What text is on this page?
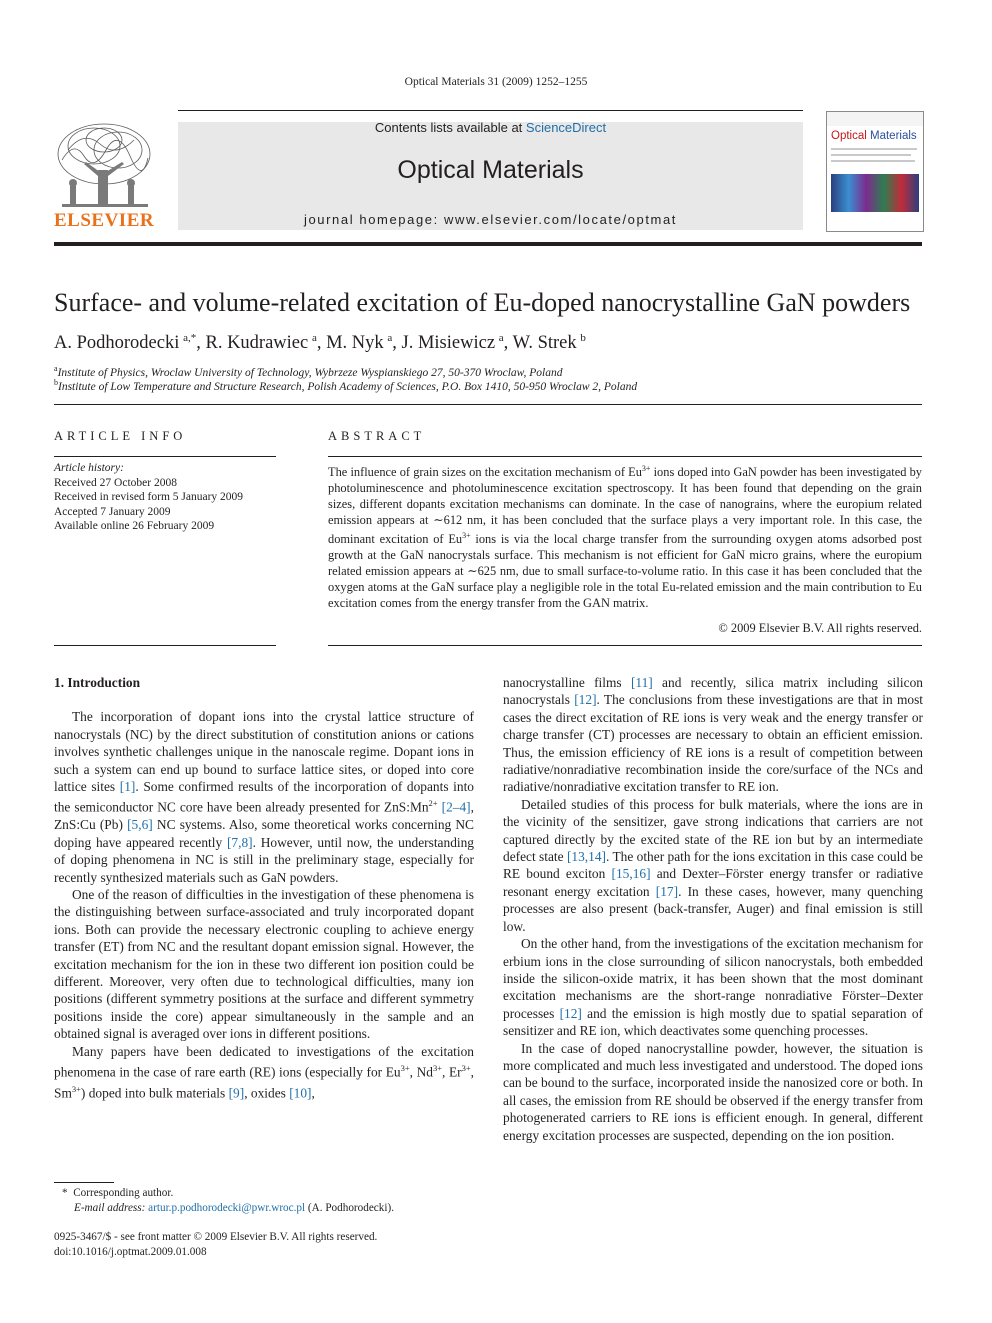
Optical Materials 31 (2009) 1252–1255
ELSEVIER
Contents lists available at ScienceDirect
Optical Materials
journal homepage: www.elsevier.com/locate/optmat
Optical Materials
Surface- and volume-related excitation of Eu-doped nanocrystalline GaN powders
A. Podhorodecki  $^{a,*}$, R. Kudrawiec  $^a$, M. Nyk  $^a$, J. Misiewicz  $^a$, W. Strek  $^b$
$^a$Institute of Physics, Wroclaw University of Technology, Wybrzeze Wyspianskiego 27, 50-370 Wroclaw, Poland
$^b$Institute of Low Temperature and Structure Research, Polish Academy of Sciences, P.O. Box 1410, 50-950 Wroclaw 2, Poland
ARTICLE INFO
Article history:
Received 27 October 2008
Received in revised form 5 January 2009
Accepted 7 January 2009
Available online 26 February 2009
ABSTRACT
The influence of grain sizes on the excitation mechanism of $Eu^{3+}$ ions doped into GaN powder has been investigated by photoluminescence and photoluminescence excitation spectroscopy. It has been found that depending on the grain sizes, different dopants excitation mechanisms can dominate. In the case of nanograins, where the europium related emission appears at ∼612 nm, it has been concluded that the surface plays a very important role. In this case, the dominant excitation of $Eu^{3+}$ ions is via the local charge transfer from the surrounding oxygen atoms adsorbed post growth at the GaN nanocrystals surface. This mechanism is not efficient for GaN micro grains, where the europium related emission appears at ∼625 nm, due to small surface-to-volume ratio. In this case it has been concluded that the oxygen atoms at the GaN surface play a negligible role in the total Eu-related emission and the main contribution to Eu excitation comes from the energy transfer from the GAN matrix.
© 2009 Elsevier B.V. All rights reserved.
1. Introduction

The incorporation of dopant ions into the crystal lattice structure of nanocrystals (NC) by the direct substitution of constitution anions or cations involves synthetic challenges unique in the nanoscale regime. Dopant ions in such a system can end up bound to surface lattice sites, or doped into core lattice sites [1]. Some confirmed results of the incorporation of dopants into the semiconductor NC core have been already presented for $ZnS:Mn^{2+}$ [2–4], ZnS:Cu (Pb) [5,6] NC systems. Also, some theoretical works concerning NC doping have appeared recently [7,8]. However, until now, the understanding of doping phenomena in NC is still in the preliminary stage, especially for recently synthesized materials such as GaN powders.

One of the reason of difficulties in the investigation of these phenomena is the distinguishing between surface-associated and truly incorporated dopant ions. Both can provide the necessary electronic coupling to achieve energy transfer (ET) from NC and the resultant dopant emission signal. However, the excitation mechanism for the ion in these two different ion position could be different. Moreover, very often due to technological difficulties, many ion positions (different symmetry positions at the surface and different symmetry positions inside the core) appear simultaneously in the sample and an obtained signal is averaged over ions in different positions.

Many papers have been dedicated to investigations of the excitation phenomena in the case of rare earth (RE) ions (especially for $Eu^{3+}$, $Nd^{3+}$, $Er^{3+}$, $Sm^{3+}$) doped into bulk materials [9], oxides [10],

nanocrystalline films [11] and recently, silica matrix including silicon nanocrystals [12]. The conclusions from these investigations are that in most cases the direct excitation of RE ions is very weak and the energy transfer or charge transfer (CT) processes are necessary to obtain an efficient emission. Thus, the emission efficiency of RE ions is a result of competition between radiative/nonradiative recombination inside the core/surface of the NCs and radiative/nonradiative excitation transfer to RE ion.

Detailed studies of this process for bulk materials, where the ions are in the vicinity of the sensitizer, gave strong indications that carriers are not captured directly by the excited state of the RE ion but by an intermediate defect state [13,14]. The other path for the ions excitation in this case could be RE bound exciton [15,16] and Dexter–Förster energy transfer or radiative resonant energy excitation [17]. In these cases, however, many quenching processes are also present (back-transfer, Auger) and final emission is still low.

On the other hand, from the investigations of the excitation mechanism for erbium ions in the close surrounding of silicon nanocrystals, both embedded inside the silicon-oxide matrix, it has been shown that the most dominant excitation mechanisms are the short-range nonradiative Förster–Dexter processes [12] and the emission is high mostly due to spatial separation of sensitizer and RE ion, which deactivates some quenching processes.

In the case of doped nanocrystalline powder, however, the situation is more complicated and much less investigated and understood. The doped ions can be bound to the surface, incorporated inside the nanosized core or both. In all cases, the emission from RE should be observed if the energy transfer from photogenerated carriers to RE ions is efficient enough. In general, different energy excitation processes are suspected, depending on the ion position.

* Corresponding author.
E-mail address: artur.p.podhorodecki@pwr.wroc.pl (A. Podhorodecki).
0925-3467/$ - see front matter © 2009 Elsevier B.V. All rights reserved.
doi:10.1016/j.optmat.2009.01.008
